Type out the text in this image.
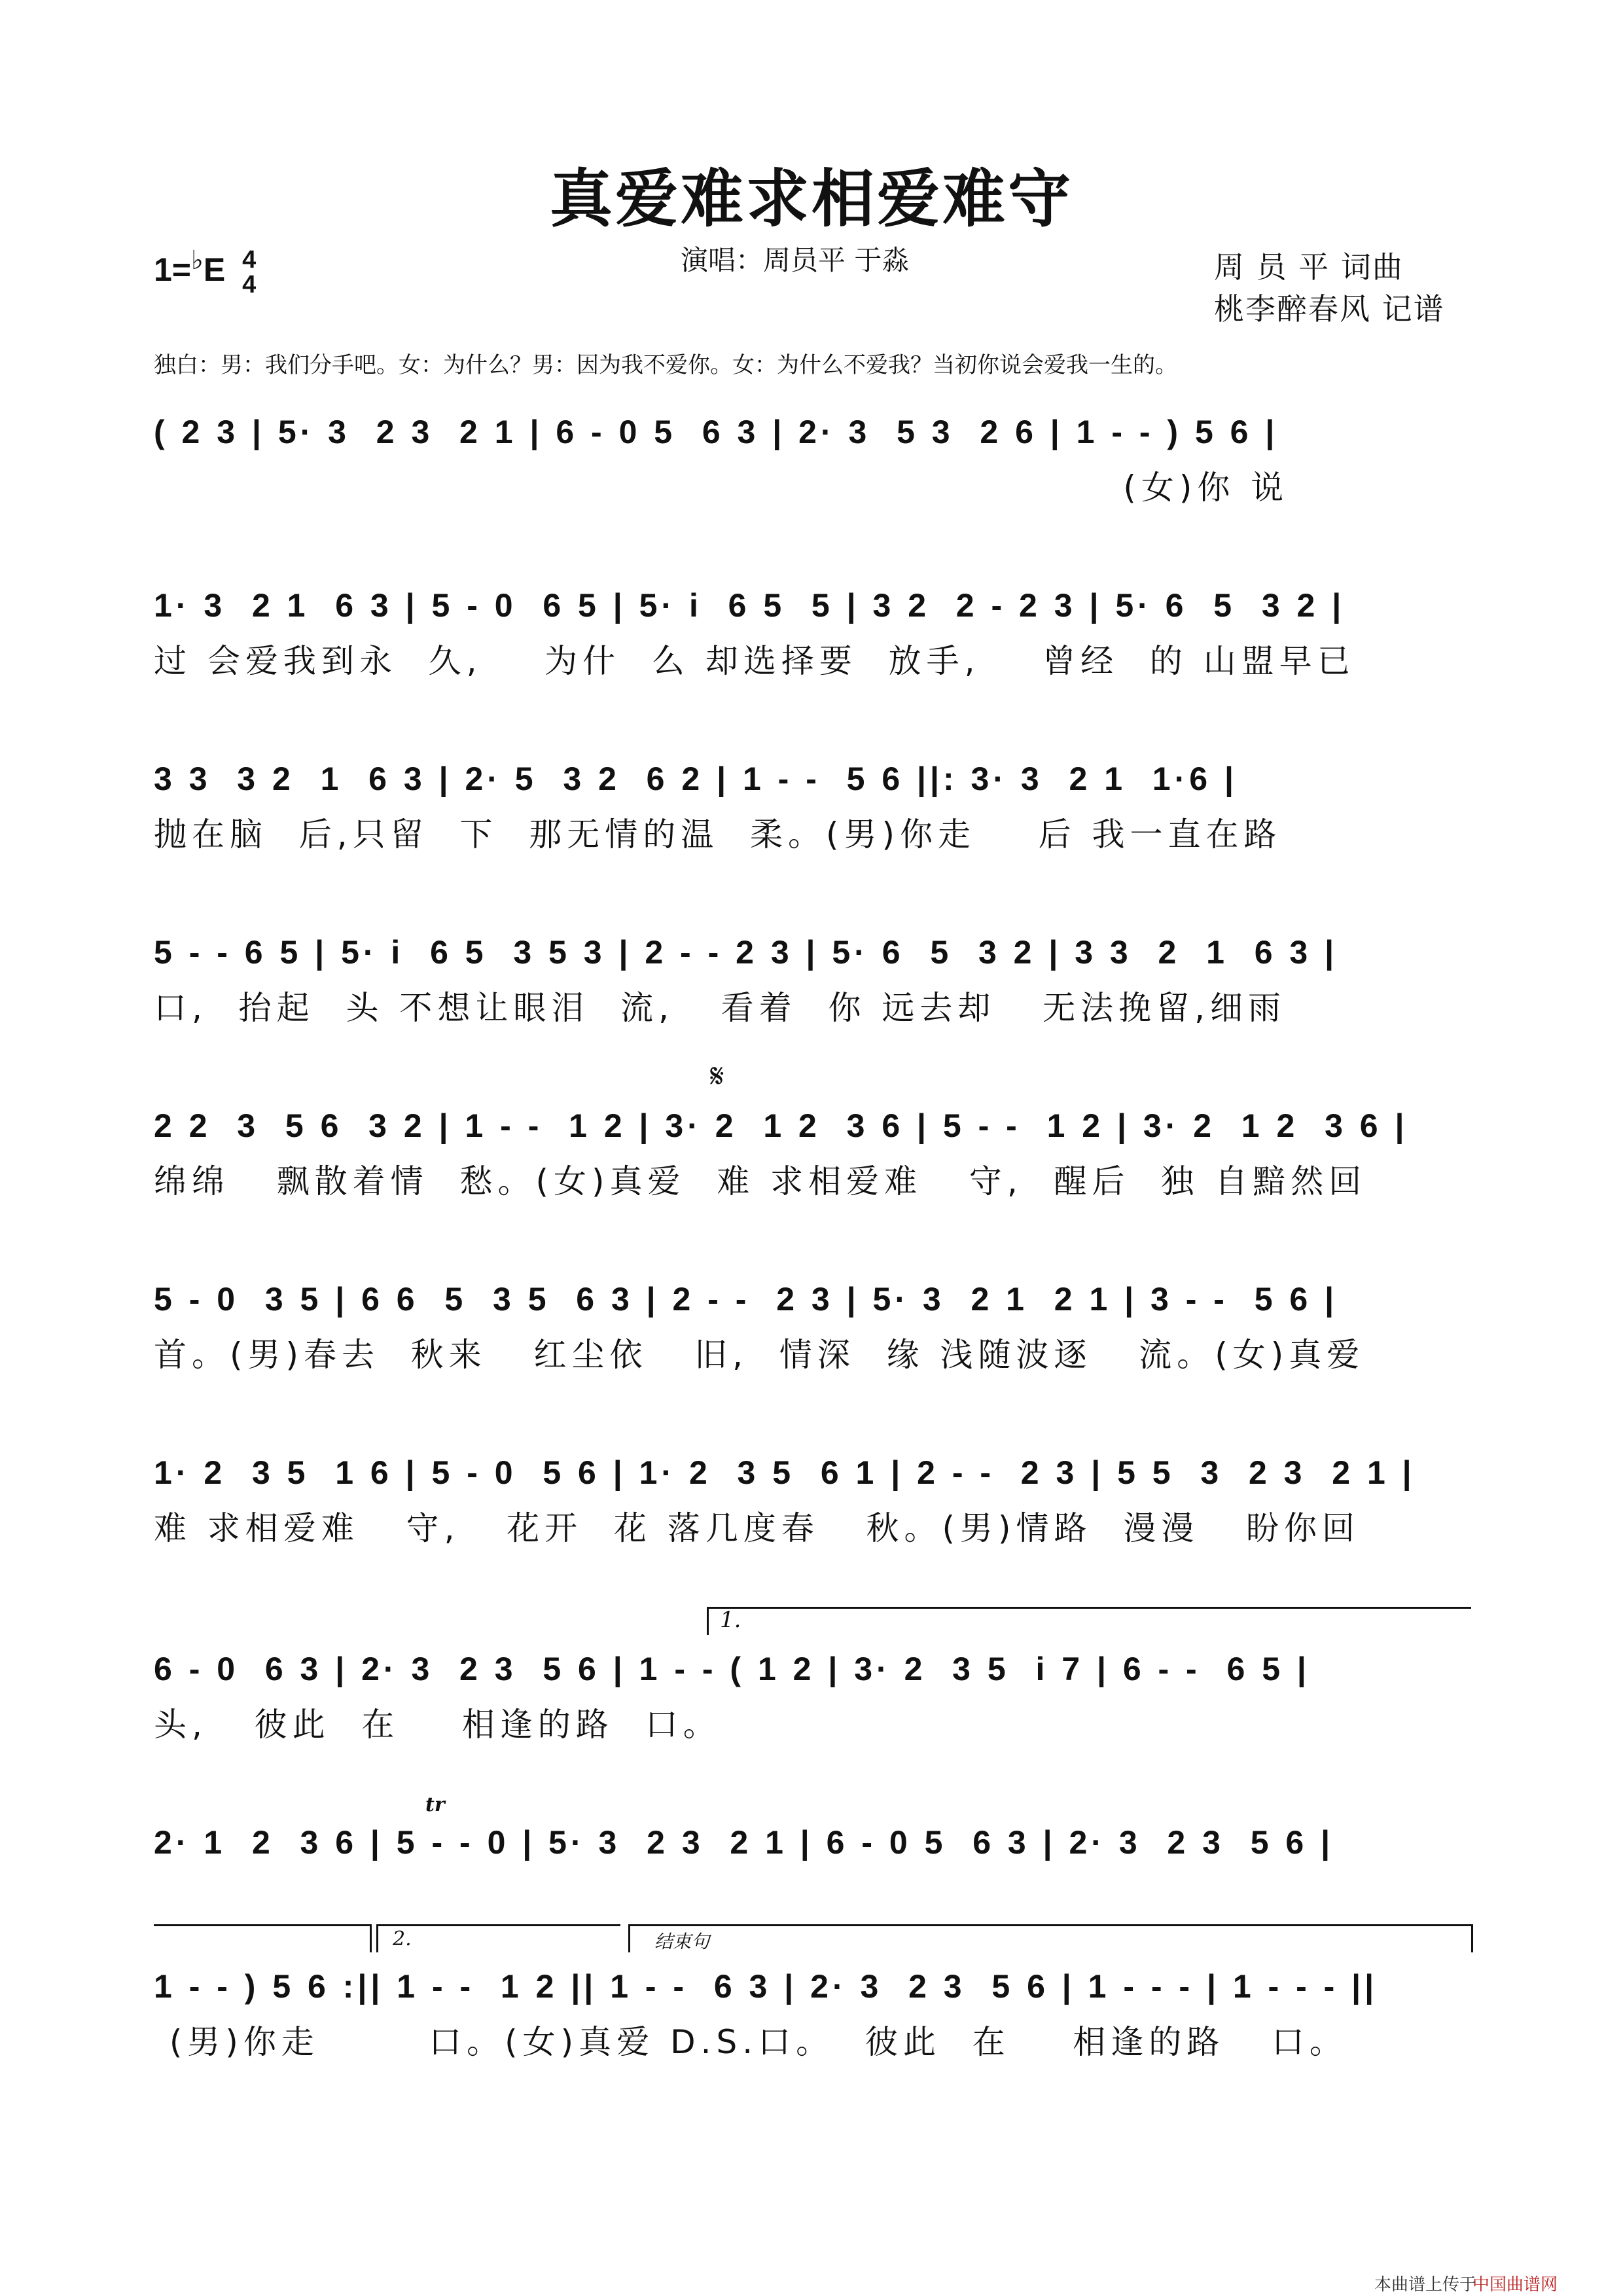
真爱难求相爱难守
1=♭E 4
4
演唱：周员平 于淼	周 员 平 词曲
桃李醉春风 记谱
独白：男：我们分手吧。女：为什么？男：因为我不爱你。女：为什么不爱我？当初你说会爱我一生的。
( 2 3 | 5· 3  2 3  2 1 | 6 - 0 5  6 3 | 2· 3  5 3  2 6 | 1 - - ) 5 6 |
(女)你 说
1· 3  2 1  6 3 | 5 - 0  6 5 | 5· i  6 5  5 | 3 2  2 - 2 3 | 5· 6  5  3 2 |
过 会爱我到永  久,    为什  么 却选择要  放手,    曾经  的 山盟早已
3 3  3 2  1  6 3 | 2· 5  3 2  6 2 | 1 - -  5 6 ||: 3· 3  2 1  1·6 |
抛在脑  后,只留  下  那无情的温  柔。(男)你走    后 我一直在路
5 - - 6 5 | 5· i  6 5  3 5 3 | 2 - - 2 3 | 5· 6  5  3 2 | 3 3  2  1  6 3 |
口,  抬起  头 不想让眼泪  流,   看着  你 远去却   无法挽留,细雨
𝄋
2 2  3  5 6  3 2 | 1 - -  1 2 | 3· 2  1 2  3 6 | 5 - -  1 2 | 3· 2  1 2  3 6 |
绵绵   飘散着情  愁。(女)真爱  难 求相爱难   守,  醒后  独 自黯然回
5 - 0  3 5 | 6 6  5  3 5  6 3 | 2 - -  2 3 | 5· 3  2 1  2 1 | 3 - -  5 6 |
首。(男)春去  秋来   红尘依   旧,  情深  缘 浅随波逐   流。(女)真爱
1· 2  3 5  1 6 | 5 - 0  5 6 | 1· 2  3 5  6 1 | 2 - -  2 3 | 5 5  3  2 3  2 1 |
难 求相爱难   守,   花开  花 落几度春   秋。(男)情路  漫漫   盼你回
1.
6 - 0  6 3 | 2· 3  2 3  5 6 | 1 - - ( 1 2 | 3· 2  3 5  i 7 | 6 - -  6 5 |
头,   彼此  在    相逢的路  口。
tr
2· 1  2  3 6 | 5 - - 0 | 5· 3  2 3  2 1 | 6 - 0 5  6 3 | 2· 3  2 3  5 6 |
2.	结束句
1 - - ) 5 6 :|| 1 - -  1 2 || 1 - -  6 3 | 2· 3  2 3  5 6 | 1 - - - | 1 - - - ||
(男)你走       口。(女)真爱 D.S.口。  彼此  在    相逢的路   口。
本曲谱上传于
中国曲谱网
